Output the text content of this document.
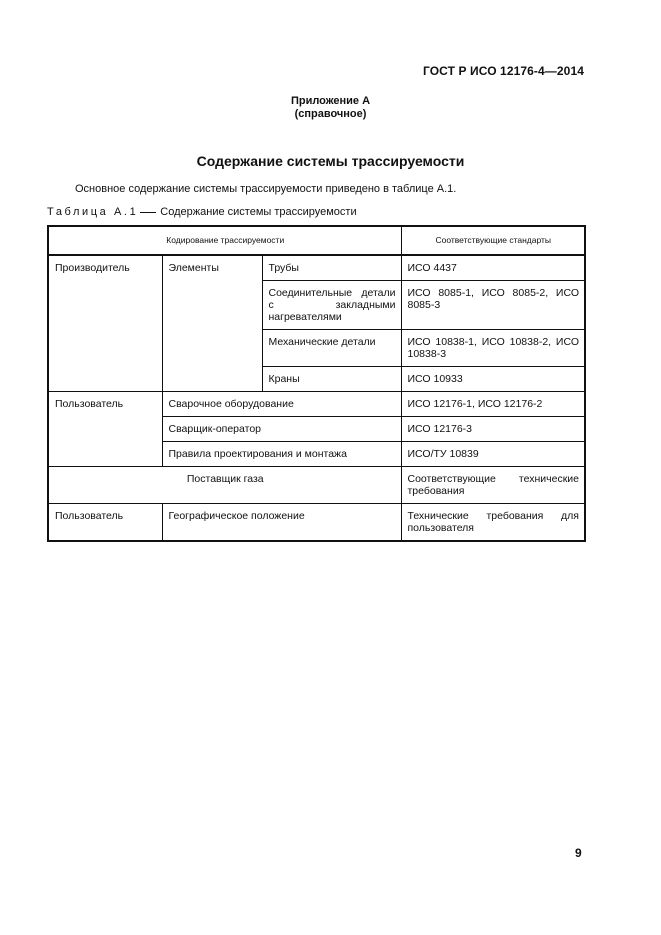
ГОСТ Р ИСО 12176-4—2014
Приложение А
(справочное)
Содержание системы трассируемости
Основное содержание системы трассируемости приведено в таблице А.1.
Таблица А.1 Содержание системы трассируемости
Кодирование трассируемости			Соответствующие стандарты
Производитель	Элементы	Трубы	ИСО 4437
		Соединительные детали с закладными нагревателями	ИСО 8085-1, ИСО 8085-2, ИСО 8085-3
		Механические детали	ИСО 10838-1, ИСО 10838-2, ИСО 10838-3
		Краны	ИСО 10933
Пользователь	Сварочное оборудование		ИСО 12176-1, ИСО 12176-2
	Сварщик-оператор		ИСО 12176-3
	Правила проектирования и монтажа		ИСО/ТУ 10839
Поставщик газа			Соответствующие технические требования
Пользователь	Географическое положение		Технические требования для пользователя
9
